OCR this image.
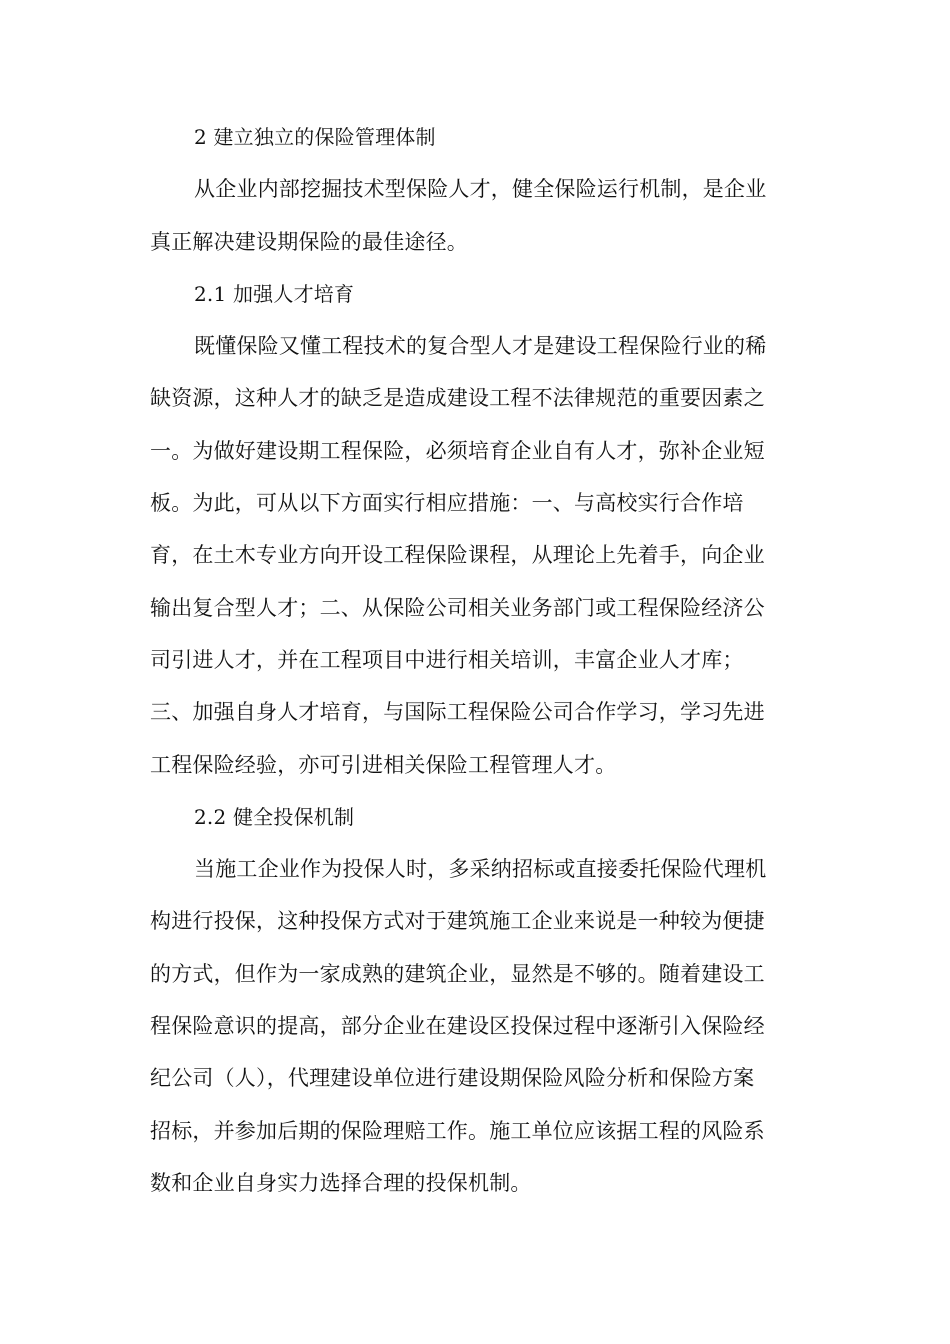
2 建立独立的保险管理体制
从企业内部挖掘技术型保险人才，健全保险运行机制，是企业
真正解决建设期保险的最佳途径。
2.1 加强人才培育
既懂保险又懂工程技术的复合型人才是建设工程保险行业的稀
缺资源，这种人才的缺乏是造成建设工程不法律规范的重要因素之
一。为做好建设期工程保险，必须培育企业自有人才，弥补企业短
板。为此，可从以下方面实行相应措施：一、与高校实行合作培
育，在土木专业方向开设工程保险课程，从理论上先着手，向企业
输出复合型人才；二、从保险公司相关业务部门或工程保险经济公
司引进人才，并在工程项目中进行相关培训，丰富企业人才库；
三、加强自身人才培育，与国际工程保险公司合作学习，学习先进
工程保险经验，亦可引进相关保险工程管理人才。
2.2 健全投保机制
当施工企业作为投保人时，多采纳招标或直接委托保险代理机
构进行投保，这种投保方式对于建筑施工企业来说是一种较为便捷
的方式，但作为一家成熟的建筑企业，显然是不够的。随着建设工
程保险意识的提高，部分企业在建设区投保过程中逐渐引入保险经
纪公司（人），代理建设单位进行建设期保险风险分析和保险方案
招标，并参加后期的保险理赔工作。施工单位应该据工程的风险系
数和企业自身实力选择合理的投保机制。
